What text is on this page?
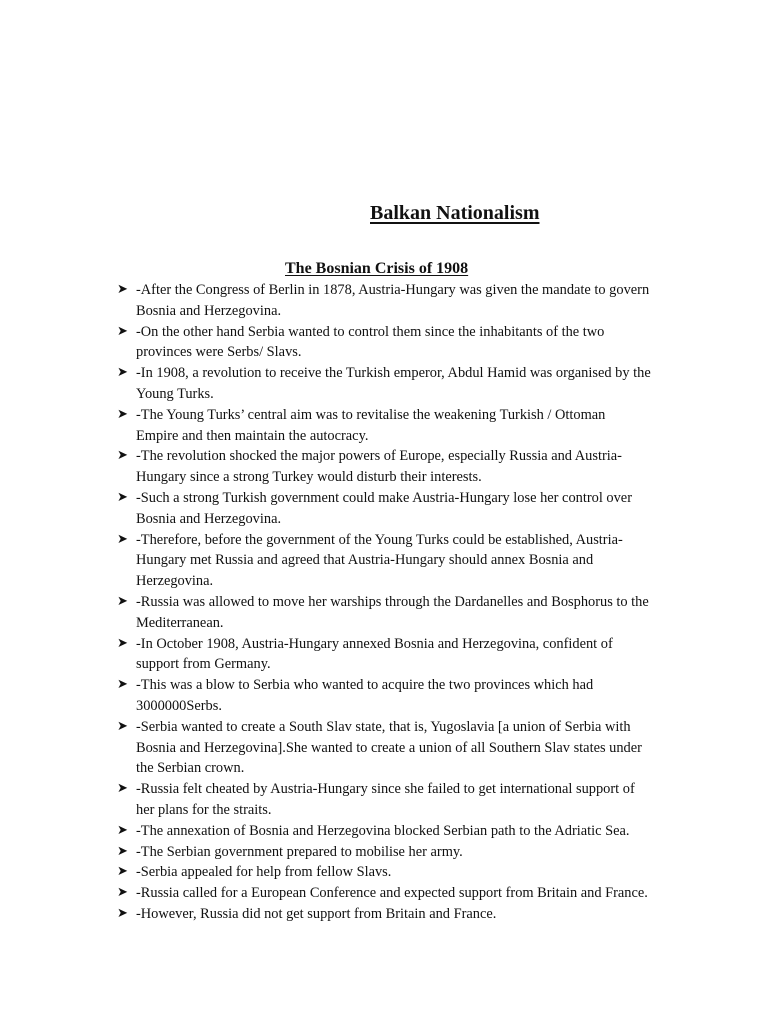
Balkan Nationalism
The Bosnian Crisis of 1908
➤ -After the Congress of Berlin in 1878, Austria-Hungary was given the mandate to govern
Bosnia and Herzegovina.
➤ -On the other hand Serbia wanted to control them since the inhabitants of the two
provinces were Serbs/ Slavs.
➤ -In 1908, a revolution to receive the Turkish emperor, Abdul Hamid was organised by the
Young Turks.
➤ -The Young Turks’ central aim was to revitalise the weakening Turkish / Ottoman
Empire and then maintain the autocracy.
➤ -The revolution shocked the major powers of Europe, especially Russia and Austria-
Hungary since a strong Turkey would disturb their interests.
➤ -Such a strong Turkish government could make Austria-Hungary lose her control over
Bosnia and Herzegovina.
➤ -Therefore, before the government of the Young Turks could be established, Austria-
Hungary met Russia and agreed that Austria-Hungary should annex Bosnia and
Herzegovina.
➤ -Russia was allowed to move her warships through the Dardanelles and Bosphorus to the
Mediterranean.
➤ -In October 1908, Austria-Hungary annexed Bosnia and Herzegovina, confident of
support from Germany.
➤ -This was a blow to Serbia who wanted to acquire the two provinces which had
3000000Serbs.
➤ -Serbia wanted to create a South Slav state, that is, Yugoslavia [a union of Serbia with
Bosnia and Herzegovina].She wanted to create a union of all Southern Slav states under
the Serbian crown.
➤ -Russia felt cheated by Austria-Hungary since she failed to get international support of
her plans for the straits.
➤ -The annexation of Bosnia and Herzegovina blocked Serbian path to the Adriatic Sea.
➤ -The Serbian government prepared to mobilise her army.
➤ -Serbia appealed for help from fellow Slavs.
➤ -Russia called for a European Conference and expected support from Britain and France.
➤ -However, Russia did not get support from Britain and France.
